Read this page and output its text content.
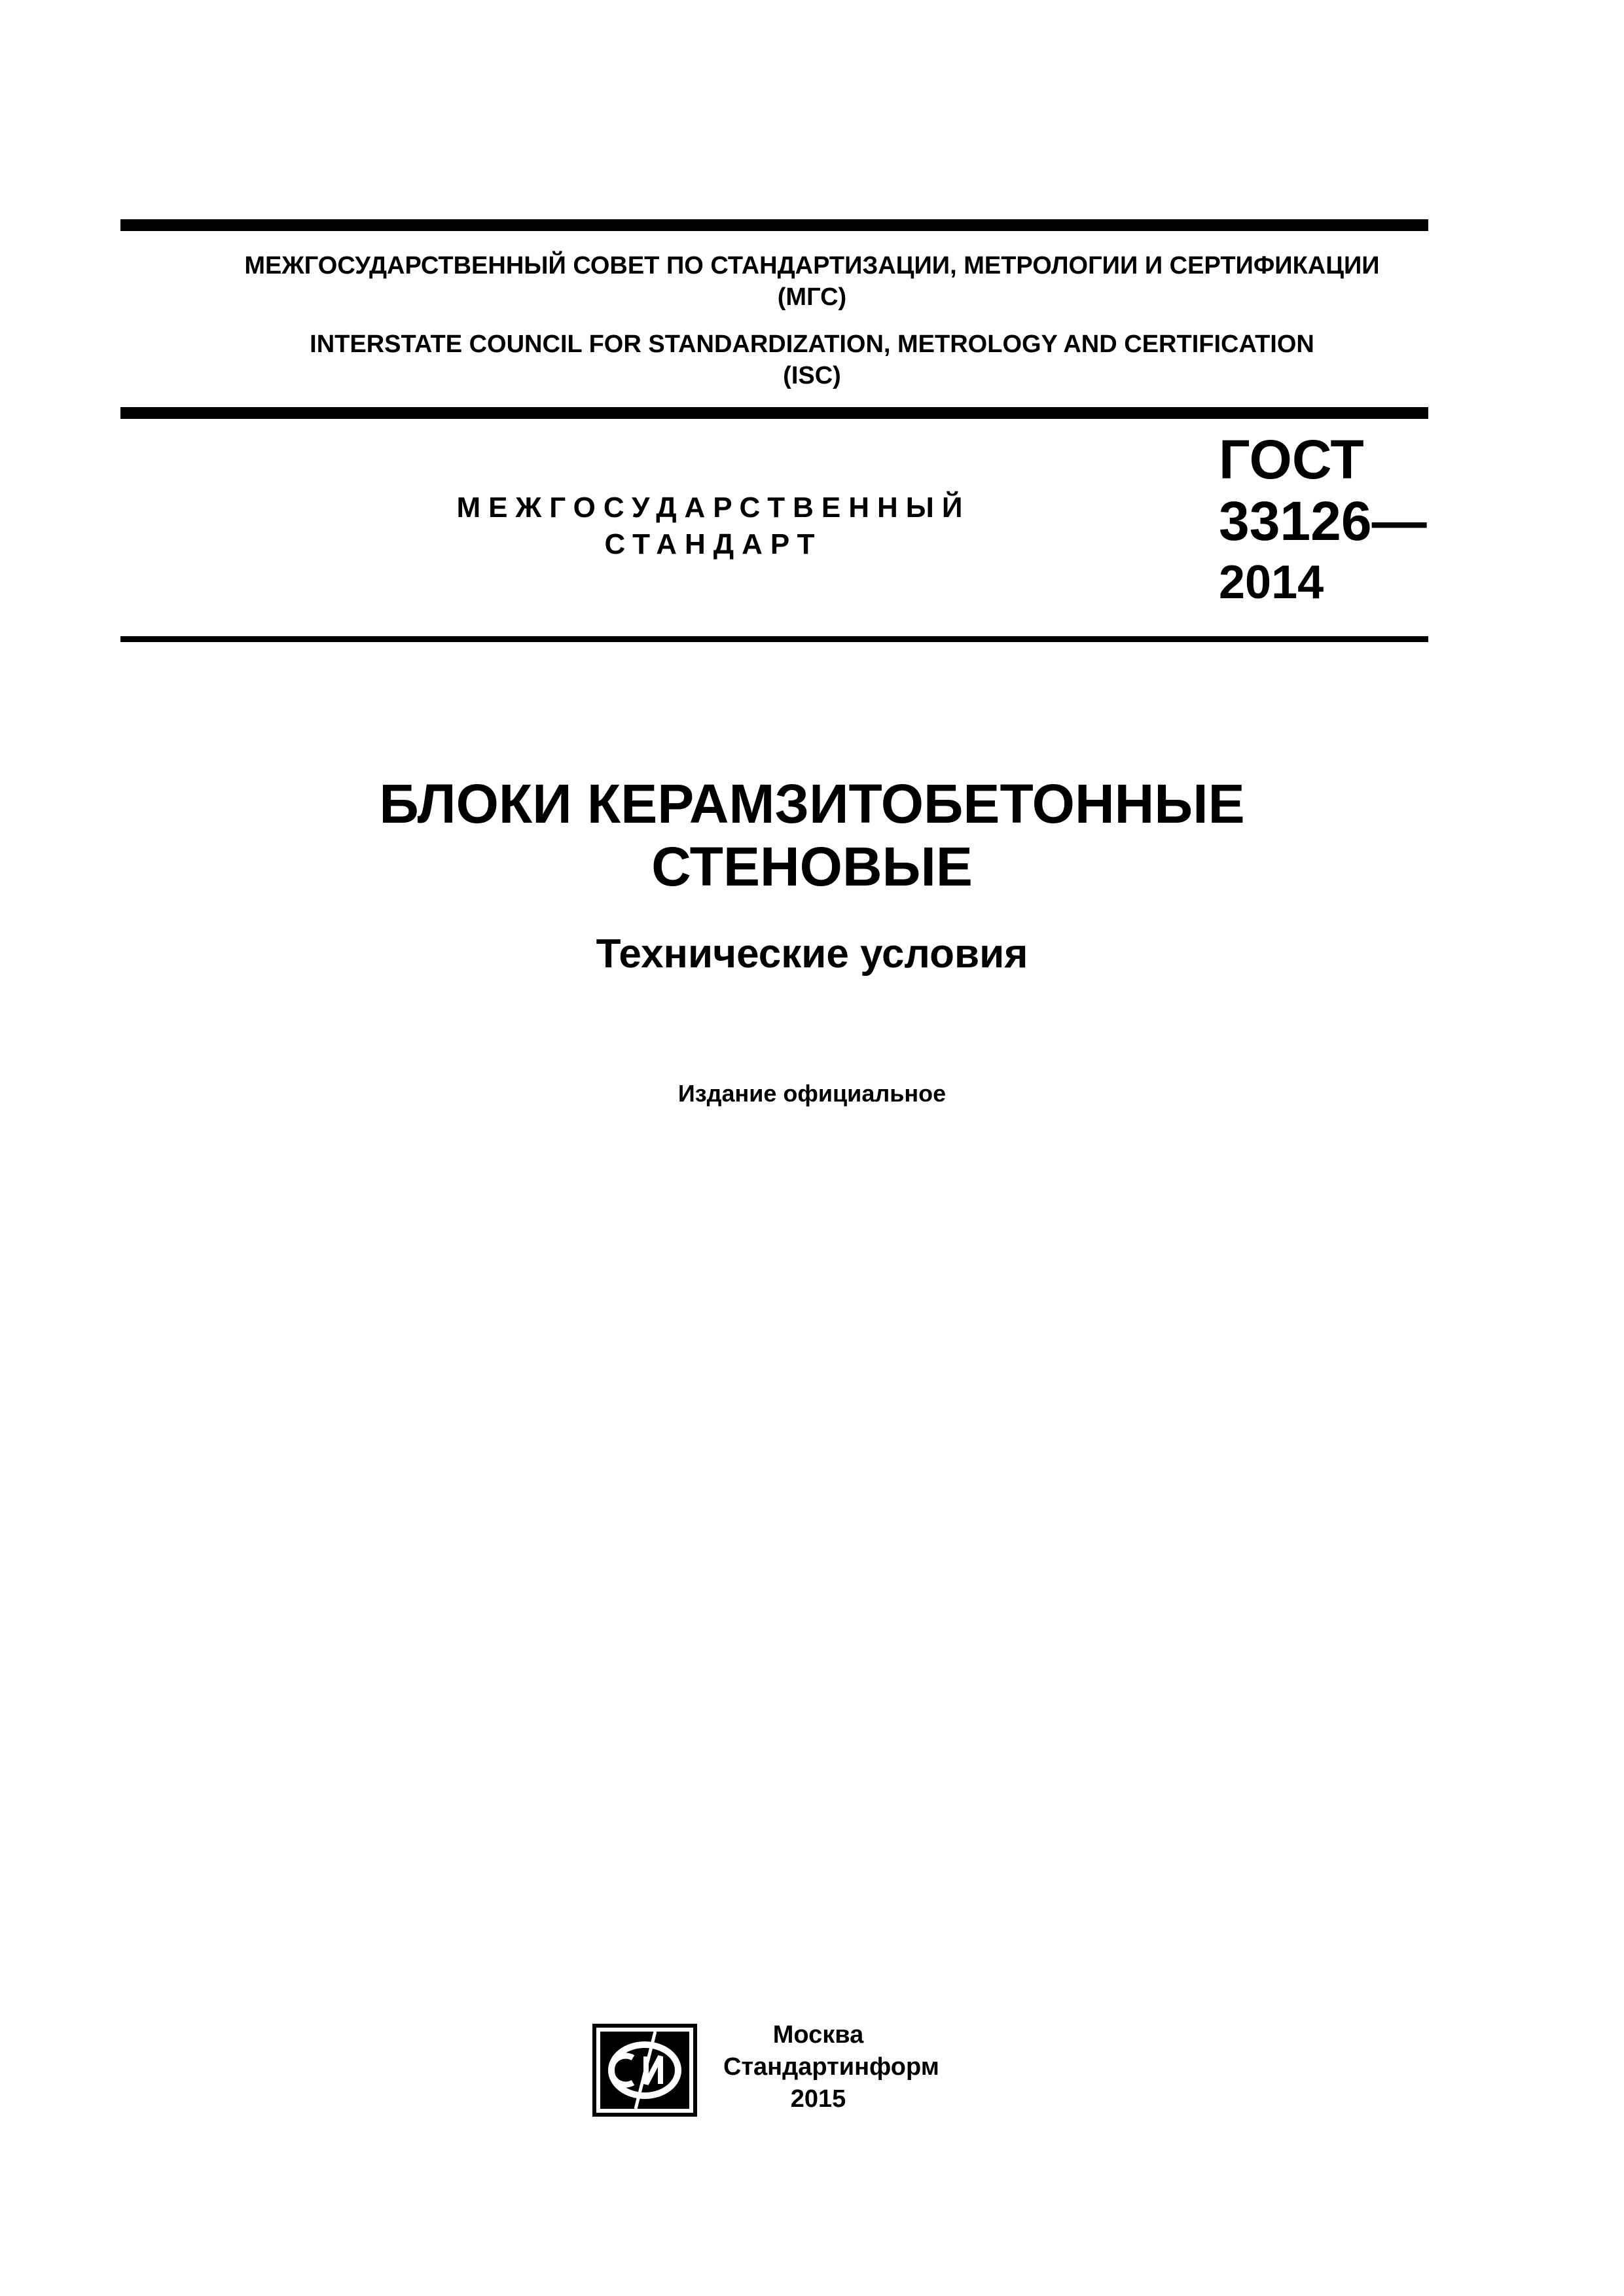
МЕЖГОСУДАРСТВЕННЫЙ СОВЕТ ПО СТАНДАРТИЗАЦИИ, МЕТРОЛОГИИ И СЕРТИФИКАЦИИ
(МГС)
INTERSTATE COUNCIL FOR STANDARDIZATION, METROLOGY AND CERTIFICATION
(ISC)
МЕЖГОСУДАРСТВЕННЫЙ
СТАНДАРТ
ГОСТ
33126—
2014
БЛОКИ КЕРАМЗИТОБЕТОННЫЕ
СТЕНОВЫЕ
Технические условия
Издание официальное
Москва
Стандартинформ
2015
